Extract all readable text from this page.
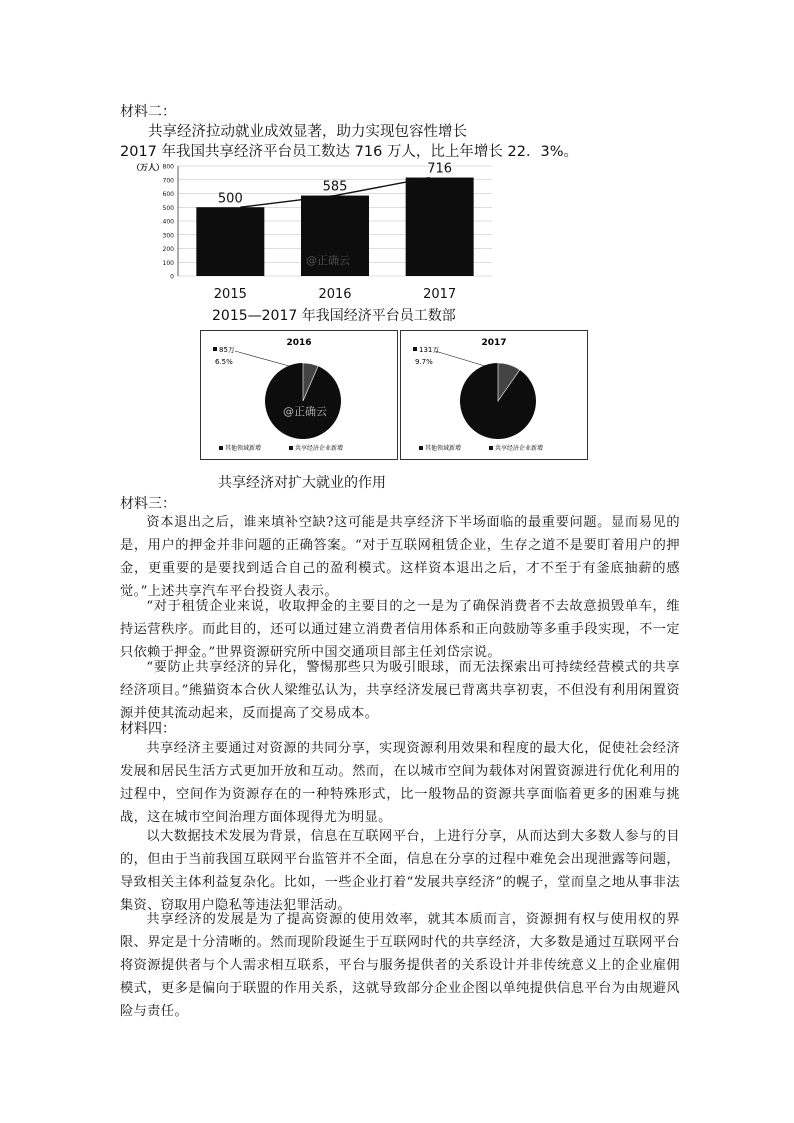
材料二：
共享经济拉动就业成效显著，助力实现包容性增长
2017 年我国共享经济平台员工数达 716 万人，比上年增长 22．3%。
0
100
200
300
400
500
600
700
800
500
2015
585
2016
716
2017
（万人）
@正确云
2015—2017 年我国经济平台员工数部
2016
85万
6.5%
其他领域新增	共享经济企业新增
@正确云
2017
131万
9.7%
其他领域新增	共享经济企业新增
共享经济对扩大就业的作用
材料三：

资本退出之后，谁来填补空缺?这可能是共享经济下半场面临的最重要问题。显而易见的是，用户的押金并非问题的正确答案。“对于互联网租赁企业，生存之道不是要盯着用户的押金，更重要的是要找到适合自己的盈利模式。这样资本退出之后，才不至于有釜底抽薪的感觉。”上述共享汽车平台投资人表示。

“对于租赁企业来说，收取押金的主要目的之一是为了确保消费者不去故意损毁单车，维持运营秩序。而此目的，还可以通过建立消费者信用体系和正向鼓励等多重手段实现，不一定只依赖于押金。”世界资源研究所中国交通项目部主任刘岱宗说。

“要防止共享经济的异化，警惕那些只为吸引眼球，而无法探索出可持续经营模式的共享经济项目。”熊猫资本合伙人梁维弘认为，共享经济发展已背离共享初衷，不但没有利用闲置资源并使其流动起来，反而提高了交易成本。

材料四：

共享经济主要通过对资源的共同分享，实现资源利用效果和程度的最大化，促使社会经济发展和居民生活方式更加开放和互动。然而，在以城市空间为载体对闲置资源进行优化利用的过程中，空间作为资源存在的一种特殊形式，比一般物品的资源共享面临着更多的困难与挑战，这在城市空间治理方面体现得尤为明显。

以大数据技术发展为背景，信息在互联网平台，上进行分享，从而达到大多数人参与的目的，但由于当前我国互联网平台监管并不全面，信息在分享的过程中难免会出现泄露等问题，导致相关主体利益复杂化。比如，一些企业打着“发展共享经济”的幌子，堂而皇之地从事非法集资、窃取用户隐私等违法犯罪活动。

共享经济的发展是为了提高资源的使用效率，就其本质而言，资源拥有权与使用权的界限、界定是十分清晰的。然而现阶段诞生于互联网时代的共享经济，大多数是通过互联网平台将资源提供者与个人需求相互联系，平台与服务提供者的关系设计并非传统意义上的企业雇佣模式，更多是偏向于联盟的作用关系，这就导致部分企业企图以单纯提供信息平台为由规避风险与责任。
